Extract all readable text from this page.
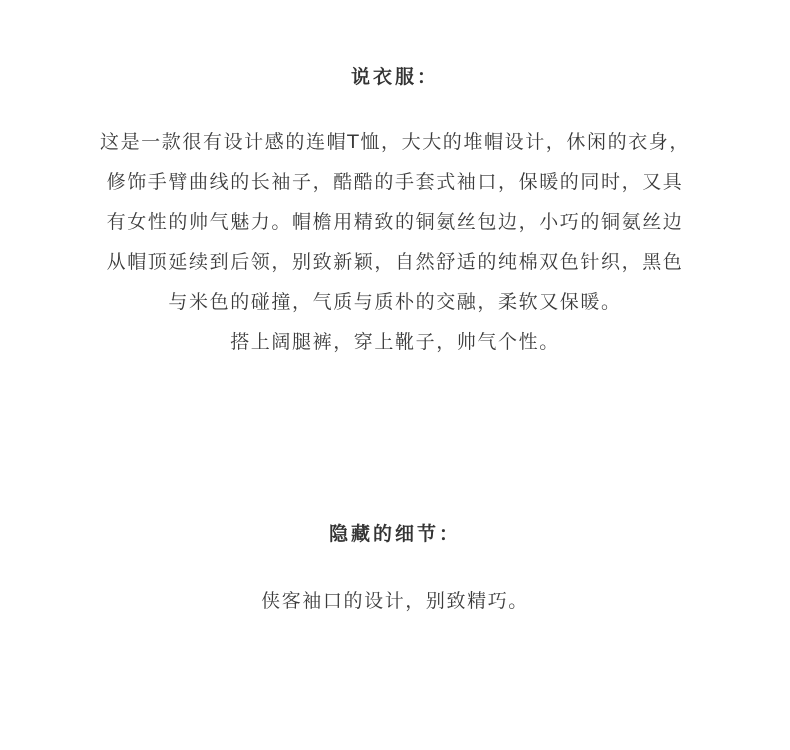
说衣服：
这是一款很有设计感的连帽T恤，大大的堆帽设计，休闲的衣身，
修饰手臂曲线的长袖子，酷酷的手套式袖口，保暖的同时，又具
有女性的帅气魅力。帽檐用精致的铜氨丝包边，小巧的铜氨丝边
从帽顶延续到后领，别致新颖，自然舒适的纯棉双色针织，黑色
与米色的碰撞，气质与质朴的交融，柔软又保暖。
搭上阔腿裤，穿上靴子，帅气个性。
隐藏的细节：
侠客袖口的设计，别致精巧。
